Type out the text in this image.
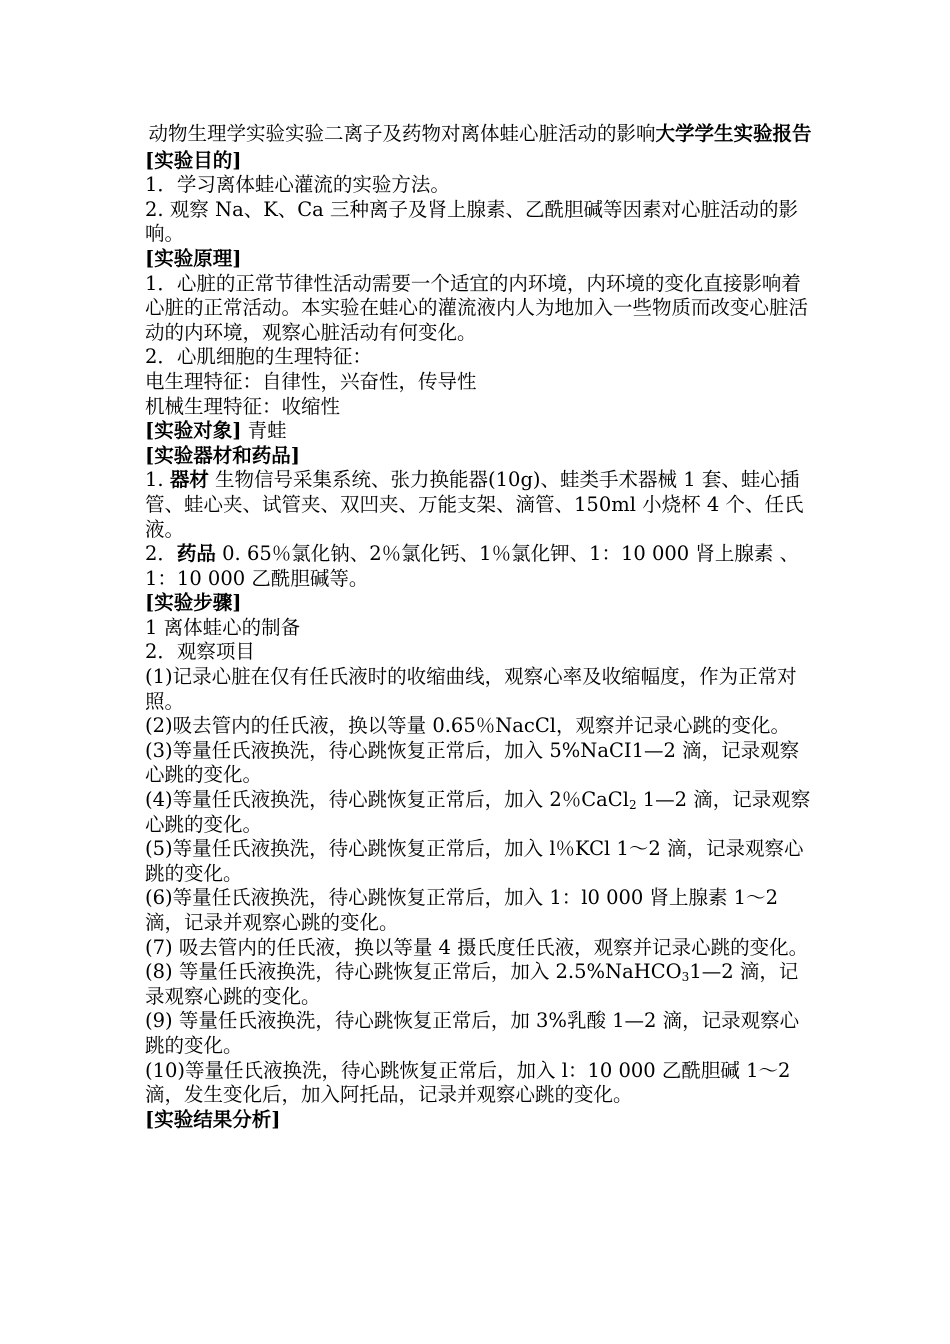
动物生理学实验实验二离子及药物对离体蛙心脏活动的影响大学学生实验报告
[实验目的]

1．学习离体蛙心灌流的实验方法。

2. 观察 Na、K、Ca 三种离子及肾上腺素、乙酰胆碱等因素对心脏活动的影响。

[实验原理]

1．心脏的正常节律性活动需要一个适宜的内环境，内环境的变化直接影响着心脏的正常活动。本实验在蛙心的灌流液内人为地加入一些物质而改变心脏活动的内环境，观察心脏活动有何变化。

2．心肌细胞的生理特征：

电生理特征：自律性，兴奋性，传导性

机械生理特征：收缩性

[实验对象] 青蛙

[实验器材和药品]

1. 器材 生物信号采集系统、张力换能器(10g)、蛙类手术器械 1 套、蛙心插管、蛙心夹、试管夹、双凹夹、万能支架、滴管、150ml 小烧杯 4 个、任氏液。

2．药品 0. 65％氯化钠、2％氯化钙、1％氯化钾、1：10 000 肾上腺素 、1：10 000 乙酰胆碱等。

[实验步骤]

1 离体蛙心的制备

2．观察项目

(1)记录心脏在仅有任氏液时的收缩曲线，观察心率及收缩幅度，作为正常对照。

(2)吸去管内的任氏液，换以等量 0.65％NacCl，观察并记录心跳的变化。

(3)等量任氏液换洗，待心跳恢复正常后，加入 5%NaCI1—2 滴，记录观察心跳的变化。

(4)等量任氏液换洗，待心跳恢复正常后，加入 2％CaCl$_2$ 1—2 滴，记录观察心跳的变化。

(5)等量任氏液换洗，待心跳恢复正常后，加入 l％KCl 1～2 滴，记录观察心跳的变化。

(6)等量任氏液换洗，待心跳恢复正常后，加入 1：l0 000 肾上腺素 1～2 滴，记录并观察心跳的变化。

(7) 吸去管内的任氏液，换以等量 4 摄氏度任氏液，观察并记录心跳的变化。

(8) 等量任氏液换洗，待心跳恢复正常后，加入 2.5%NaHCO$_3$1—2 滴，记录观察心跳的变化。

(9) 等量任氏液换洗，待心跳恢复正常后，加 3%乳酸 1—2 滴，记录观察心跳的变化。

(10)等量任氏液换洗，待心跳恢复正常后，加入 l：10 000 乙酰胆碱 1～2 滴，发生变化后，加入阿托品，记录并观察心跳的变化。

[实验结果分析]
